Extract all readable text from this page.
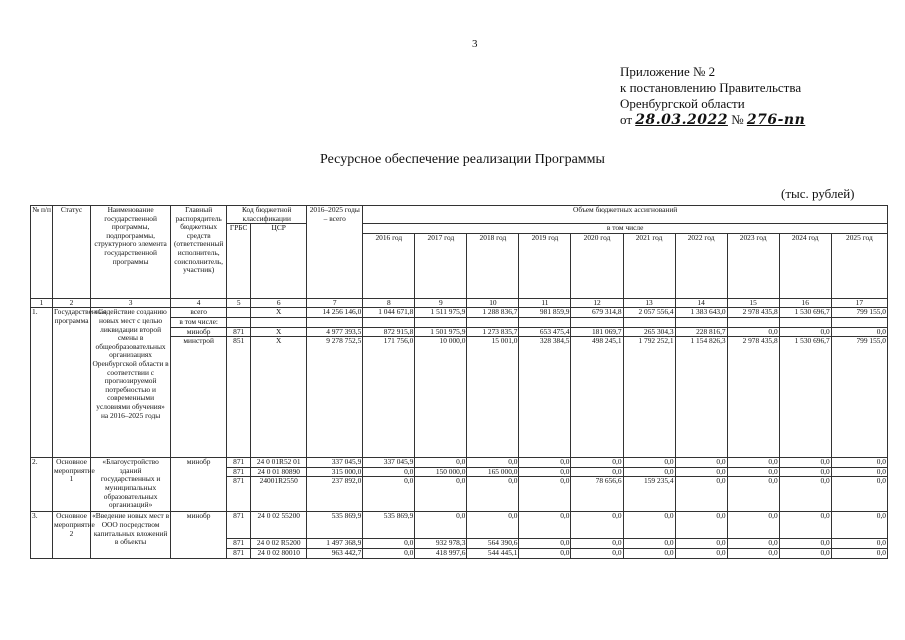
3
Приложение № 2
к постановлению Правительства
Оренбургской области
от 28.03.2022 № 276-пп
Ресурсное обеспечение реализации Программы
(тыс. рублей)
№ п/п	Статус	Наименование государственной программы, подпрограммы, структурного элемента государственной программы	Главный распорядитель бюджетных средств (ответственный исполнитель, соисполнитель, участник)	Код бюджетной классификации		2016–2025 годы – всего	Объем бюджетных ассигнований									
				ГРБС	ЦСР		в том числе									
							2016 год	2017 год	2018 год	2019 год	2020 год	2021 год	2022 год	2023 год	2024 год	2025 год
1	2	3	4	5	6	7	8	9	10	11	12	13	14	15	16	17
1.	Государственная программа	«Содействие созданию новых мест с целью ликвидации второй смены в общеобразовательных организациях Оренбургской области в соответствии с прогнозируемой потребностью и современными условиями обучения» на 2016–2025 годы	всего		X	14 256 146,0	1 044 671,8	1 511 975,9	1 288 836,7	981 859,9	679 314,8	2 057 556,4	1 383 643,0	2 978 435,8	1 530 696,7	799 155,0
			в том числе:													
			минобр	871	X	4 977 393,5	872 915,8	1 501 975,9	1 273 835,7	653 475,4	181 069,7	265 304,3	228 816,7	0,0	0,0	0,0
			минстрой	851	X	9 278 752,5	171 756,0	10 000,0	15 001,0	328 384,5	498 245,1	1 792 252,1	1 154 826,3	2 978 435,8	1 530 696,7	799 155,0
2.	Основное мероприятие 1	«Благоустройство зданий государственных и муниципальных образовательных организаций»	минобр	871	24 0 01R52 01	337 045,9	337 045,9	0,0	0,0	0,0	0,0	0,0	0,0	0,0	0,0	0,0
				871	24 0 01 80890	315 000,0	0,0	150 000,0	165 000,0	0,0	0,0	0,0	0,0	0,0	0,0	0,0
				871	24001R2550	237 892,0	0,0	0,0	0,0	0,0	78 656,6	159 235,4	0,0	0,0	0,0	0,0
3.	Основное мероприятие 2	«Введение новых мест в ООО посредством капитальных вложений в объекты	минобр	871	24 0 02 55200	535 869,9	535 869,9	0,0	0,0	0,0	0,0	0,0	0,0	0,0	0,0	0,0
				871	24 0 02 R5200	1 497 368,9	0,0	932 978,3	564 390,6	0,0	0,0	0,0	0,0	0,0	0,0	0,0
				871	24 0 02 80010	963 442,7	0,0	418 997,6	544 445,1	0,0	0,0	0,0	0,0	0,0	0,0	0,0
